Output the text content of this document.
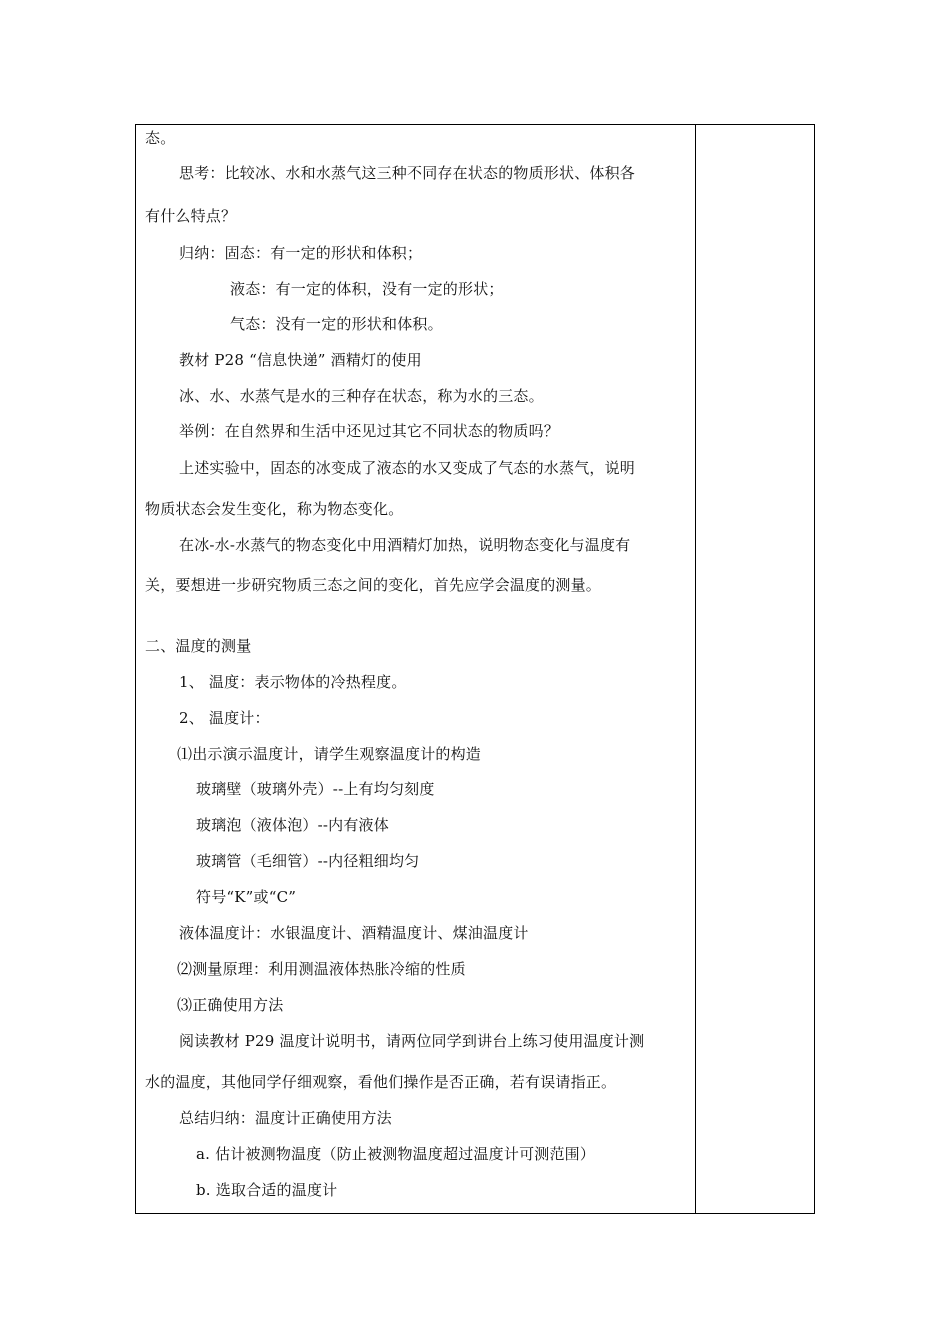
态。
思考：比较冰、水和水蒸气这三种不同存在状态的物质形状、体积各
有什么特点？
归纳：固态：有一定的形状和体积；
液态：有一定的体积，没有一定的形状；
气态：没有一定的形状和体积。
教材 P28 “信息快递” 酒精灯的使用
冰、水、水蒸气是水的三种存在状态，称为水的三态。
举例：在自然界和生活中还见过其它不同状态的物质吗？
上述实验中，固态的冰变成了液态的水又变成了气态的水蒸气，说明
物质状态会发生变化，称为物态变化。
在冰-水-水蒸气的物态变化中用酒精灯加热，说明物态变化与温度有
关，要想进一步研究物质三态之间的变化，首先应学会温度的测量。
二、温度的测量
1、 温度：表示物体的冷热程度。
2、 温度计：
⑴出示演示温度计，请学生观察温度计的构造
玻璃壁（玻璃外壳）--上有均匀刻度
玻璃泡（液体泡）--内有液体
玻璃管（毛细管）--内径粗细均匀
符号“K”或“C”
液体温度计：水银温度计、酒精温度计、煤油温度计
⑵测量原理：利用测温液体热胀冷缩的性质
⑶正确使用方法
阅读教材 P29 温度计说明书，请两位同学到讲台上练习使用温度计测
水的温度，其他同学仔细观察，看他们操作是否正确，若有误请指正。
总结归纳：温度计正确使用方法
a. 估计被测物温度（防止被测物温度超过温度计可测范围）
b. 选取合适的温度计
